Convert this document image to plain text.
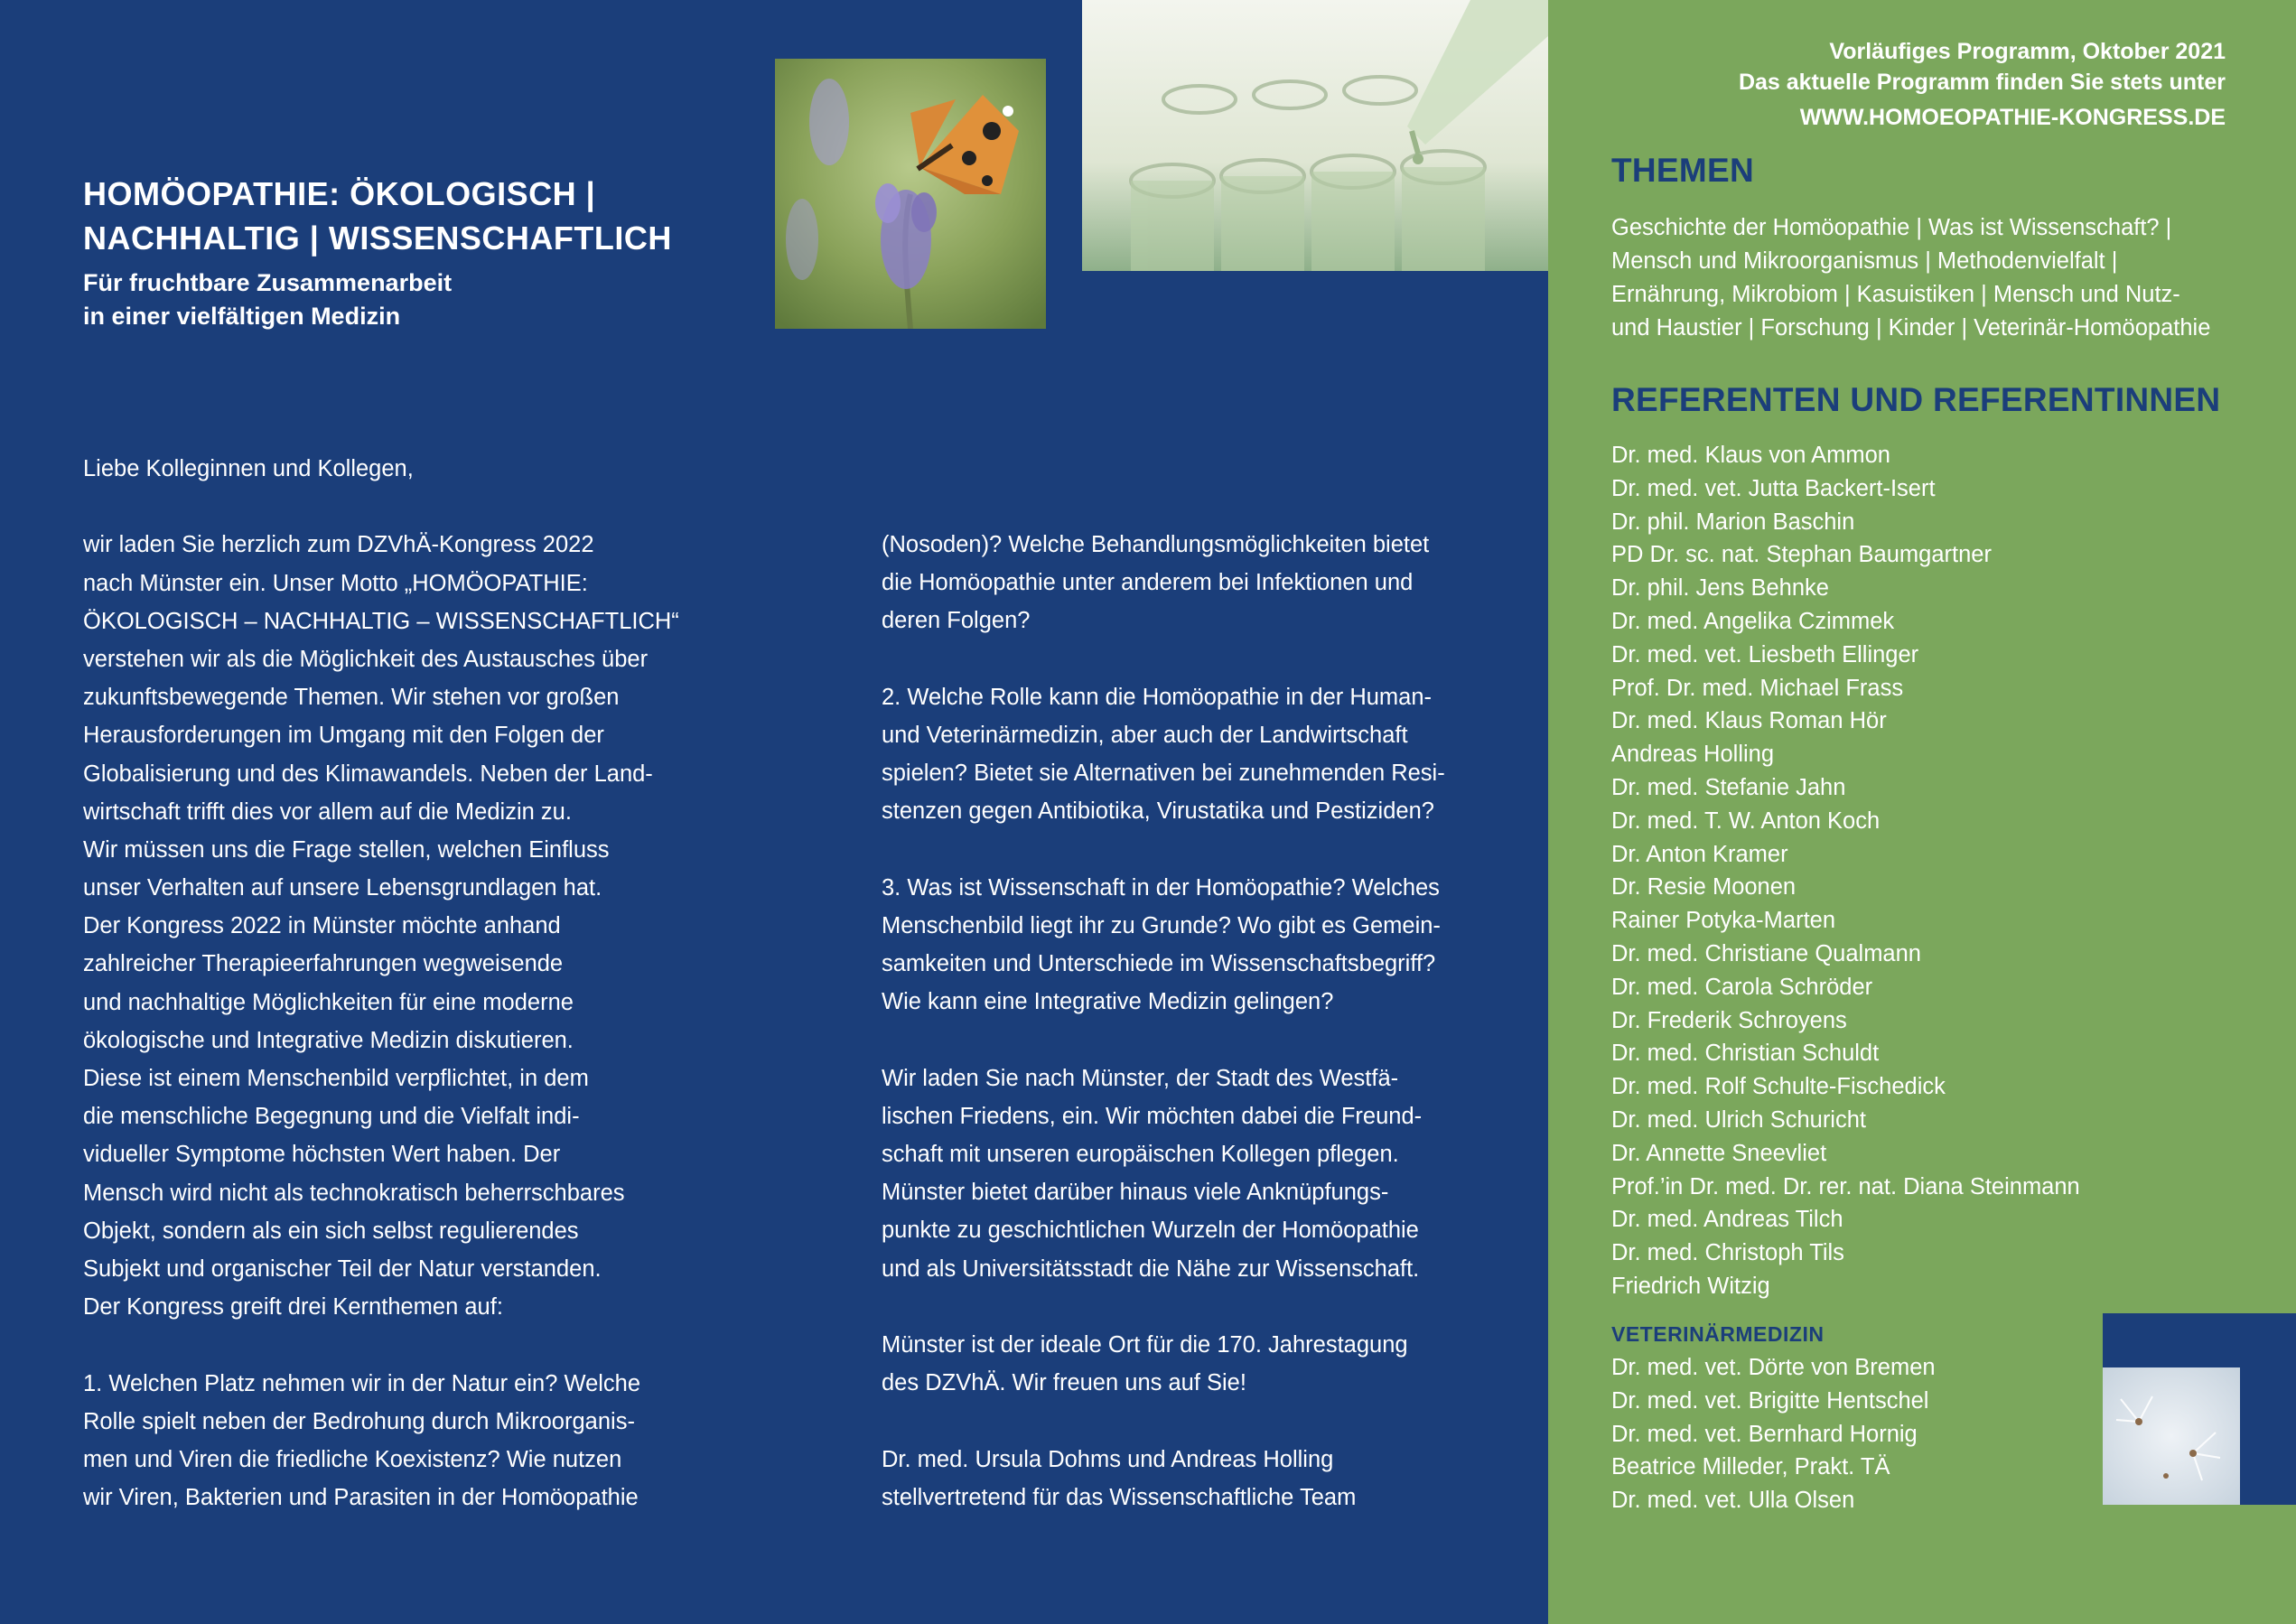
HOMÖOPATHIE: ÖKOLOGISCH |
NACHHALTIG | WISSENSCHAFTLICH
Für fruchtbare Zusammenarbeit
in einer vielfältigen Medizin
Liebe Kolleginnen und Kollegen,

wir laden Sie herzlich zum DZVhÄ-Kongress 2022
nach Münster ein. Unser Motto „HOMÖOPATHIE:
ÖKOLOGISCH – NACHHALTIG – WISSENSCHAFTLICH“
verstehen wir als die Möglichkeit des Austausches über
zukunftsbewegende Themen. Wir stehen vor großen
Herausforderungen im Umgang mit den Folgen der
Globalisierung und des Klimawandels. Neben der Land-
wirtschaft trifft dies vor allem auf die Medizin zu.
Wir müssen uns die Frage stellen, welchen Einfluss
unser Verhalten auf unsere Lebensgrundlagen hat.
Der Kongress 2022 in Münster möchte anhand
zahlreicher Therapieerfahrungen wegweisende
und nachhaltige Möglichkeiten für eine moderne
ökologische und Integrative Medizin diskutieren.
Diese ist einem Menschenbild verpflichtet, in dem
die menschliche Begegnung und die Vielfalt indi-
vidueller Symptome höchsten Wert haben. Der
Mensch wird nicht als technokratisch beherrschbares
Objekt, sondern als ein sich selbst regulierendes
Subjekt und organischer Teil der Natur verstanden.
Der Kongress greift drei Kernthemen auf:

1. Welchen Platz nehmen wir in der Natur ein? Welche
Rolle spielt neben der Bedrohung durch Mikroorganis-
men und Viren die friedliche Koexistenz? Wie nutzen
wir Viren, Bakterien und Parasiten in der Homöopathie
(Nosoden)? Welche Behandlungsmöglichkeiten bietet
die Homöopathie unter anderem bei Infektionen und
deren Folgen?

2. Welche Rolle kann die Homöopathie in der Human-
und Veterinärmedizin, aber auch der Landwirtschaft
spielen? Bietet sie Alternativen bei zunehmenden Resi-
stenzen gegen Antibiotika, Virustatika und Pestiziden?

3. Was ist Wissenschaft in der Homöopathie? Welches
Menschenbild liegt ihr zu Grunde? Wo gibt es Gemein-
samkeiten und Unterschiede im Wissenschaftsbegriff?
Wie kann eine Integrative Medizin gelingen?

Wir laden Sie nach Münster, der Stadt des Westfä-
lischen Friedens, ein. Wir möchten dabei die Freund-
schaft mit unseren europäischen Kollegen pflegen.
Münster bietet darüber hinaus viele Anknüpfungs-
punkte zu geschichtlichen Wurzeln der Homöopathie
und als Universitätsstadt die Nähe zur Wissenschaft.

Münster ist der ideale Ort für die 170. Jahrestagung
des DZVhÄ. Wir freuen uns auf Sie!

Dr. med. Ursula Dohms und Andreas Holling
stellvertretend für das Wissenschaftliche Team
Vorläufiges Programm, Oktober 2021
Das aktuelle Programm finden Sie stets unter
WWW.HOMOEOPATHIE-KONGRESS.DE
THEMEN
Geschichte der Homöopathie | Was ist Wissenschaft? |
Mensch und Mikroorganismus | Methodenvielfalt |
Ernährung, Mikrobiom | Kasuistiken | Mensch und Nutz-
und Haustier | Forschung | Kinder | Veterinär-Homöopathie
REFERENTEN UND REFERENTINNEN
Dr. med. Klaus von Ammon
Dr. med. vet. Jutta Backert-Isert
Dr. phil. Marion Baschin
PD Dr. sc. nat. Stephan Baumgartner
Dr. phil. Jens Behnke
Dr. med. Angelika Czimmek
Dr. med. vet. Liesbeth Ellinger
Prof. Dr. med. Michael Frass
Dr. med. Klaus Roman Hör
Andreas Holling
Dr. med. Stefanie Jahn
Dr. med. T. W. Anton Koch
Dr. Anton Kramer
Dr. Resie Moonen
Rainer Potyka-Marten
Dr. med. Christiane Qualmann
Dr. med. Carola Schröder
Dr. Frederik Schroyens
Dr. med. Christian Schuldt
Dr. med. Rolf Schulte-Fischedick
Dr. med. Ulrich Schuricht
Dr. Annette Sneevliet
Prof.’in Dr. med. Dr. rer. nat. Diana Steinmann
Dr. med. Andreas Tilch
Dr. med. Christoph Tils
Friedrich Witzig
VETERINÄRMEDIZIN
Dr. med. vet. Dörte von Bremen
Dr. med. vet. Brigitte Hentschel
Dr. med. vet. Bernhard Hornig
Beatrice Milleder, Prakt. TÄ
Dr. med. vet. Ulla Olsen
